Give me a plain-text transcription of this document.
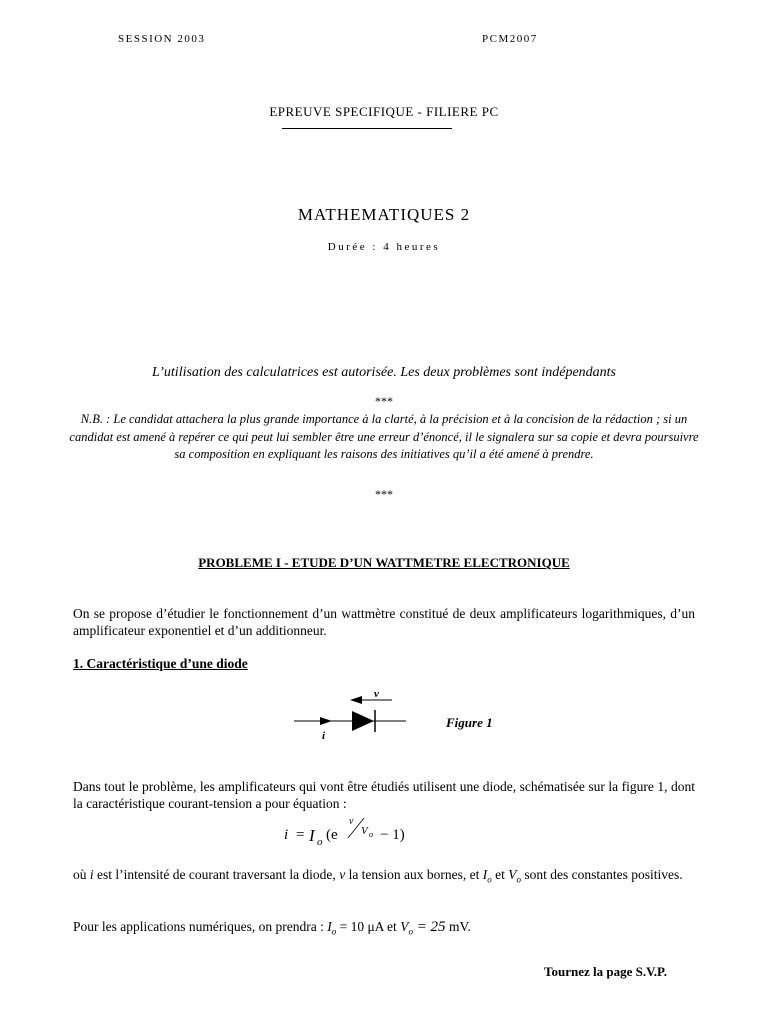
SESSION 2003	PCM2007
EPREUVE SPECIFIQUE - FILIERE PC
MATHEMATIQUES 2
Durée : 4 heures
L’utilisation des calculatrices est autorisée. Les deux problèmes sont indépendants
***
N.B. : Le candidat attachera la plus grande importance à la clarté, à la précision et à la concision de la rédaction ; si un candidat est amené à repérer ce qui peut lui sembler être une erreur d’énoncé, il le signalera sur sa copie et devra poursuivre sa composition en expliquant les raisons des initiatives qu’il a été amené à prendre.
***
PROBLEME I - ETUDE D’UN WATTMETRE ELECTRONIQUE
On se propose d’étudier le fonctionnement d’un wattmètre constitué de deux amplificateurs logarithmiques, d’un amplificateur exponentiel et d’un additionneur.
1. Caractéristique d’une diode
v
i
Figure 1
Dans tout le problème, les amplificateurs qui vont être étudiés utilisent une diode, schématisée sur la figure 1, dont la caractéristique courant-tension a pour équation :
i = I o (e
v
V o − 1)
où i est l’intensité de courant traversant la diode, v la tension aux bornes, et $I_o$ et $V_o$ sont des constantes positives.
Pour les applications numériques, on prendra : $I_o = 10$ μA et $V_o = 25$ mV.
Tournez la page S.V.P.
